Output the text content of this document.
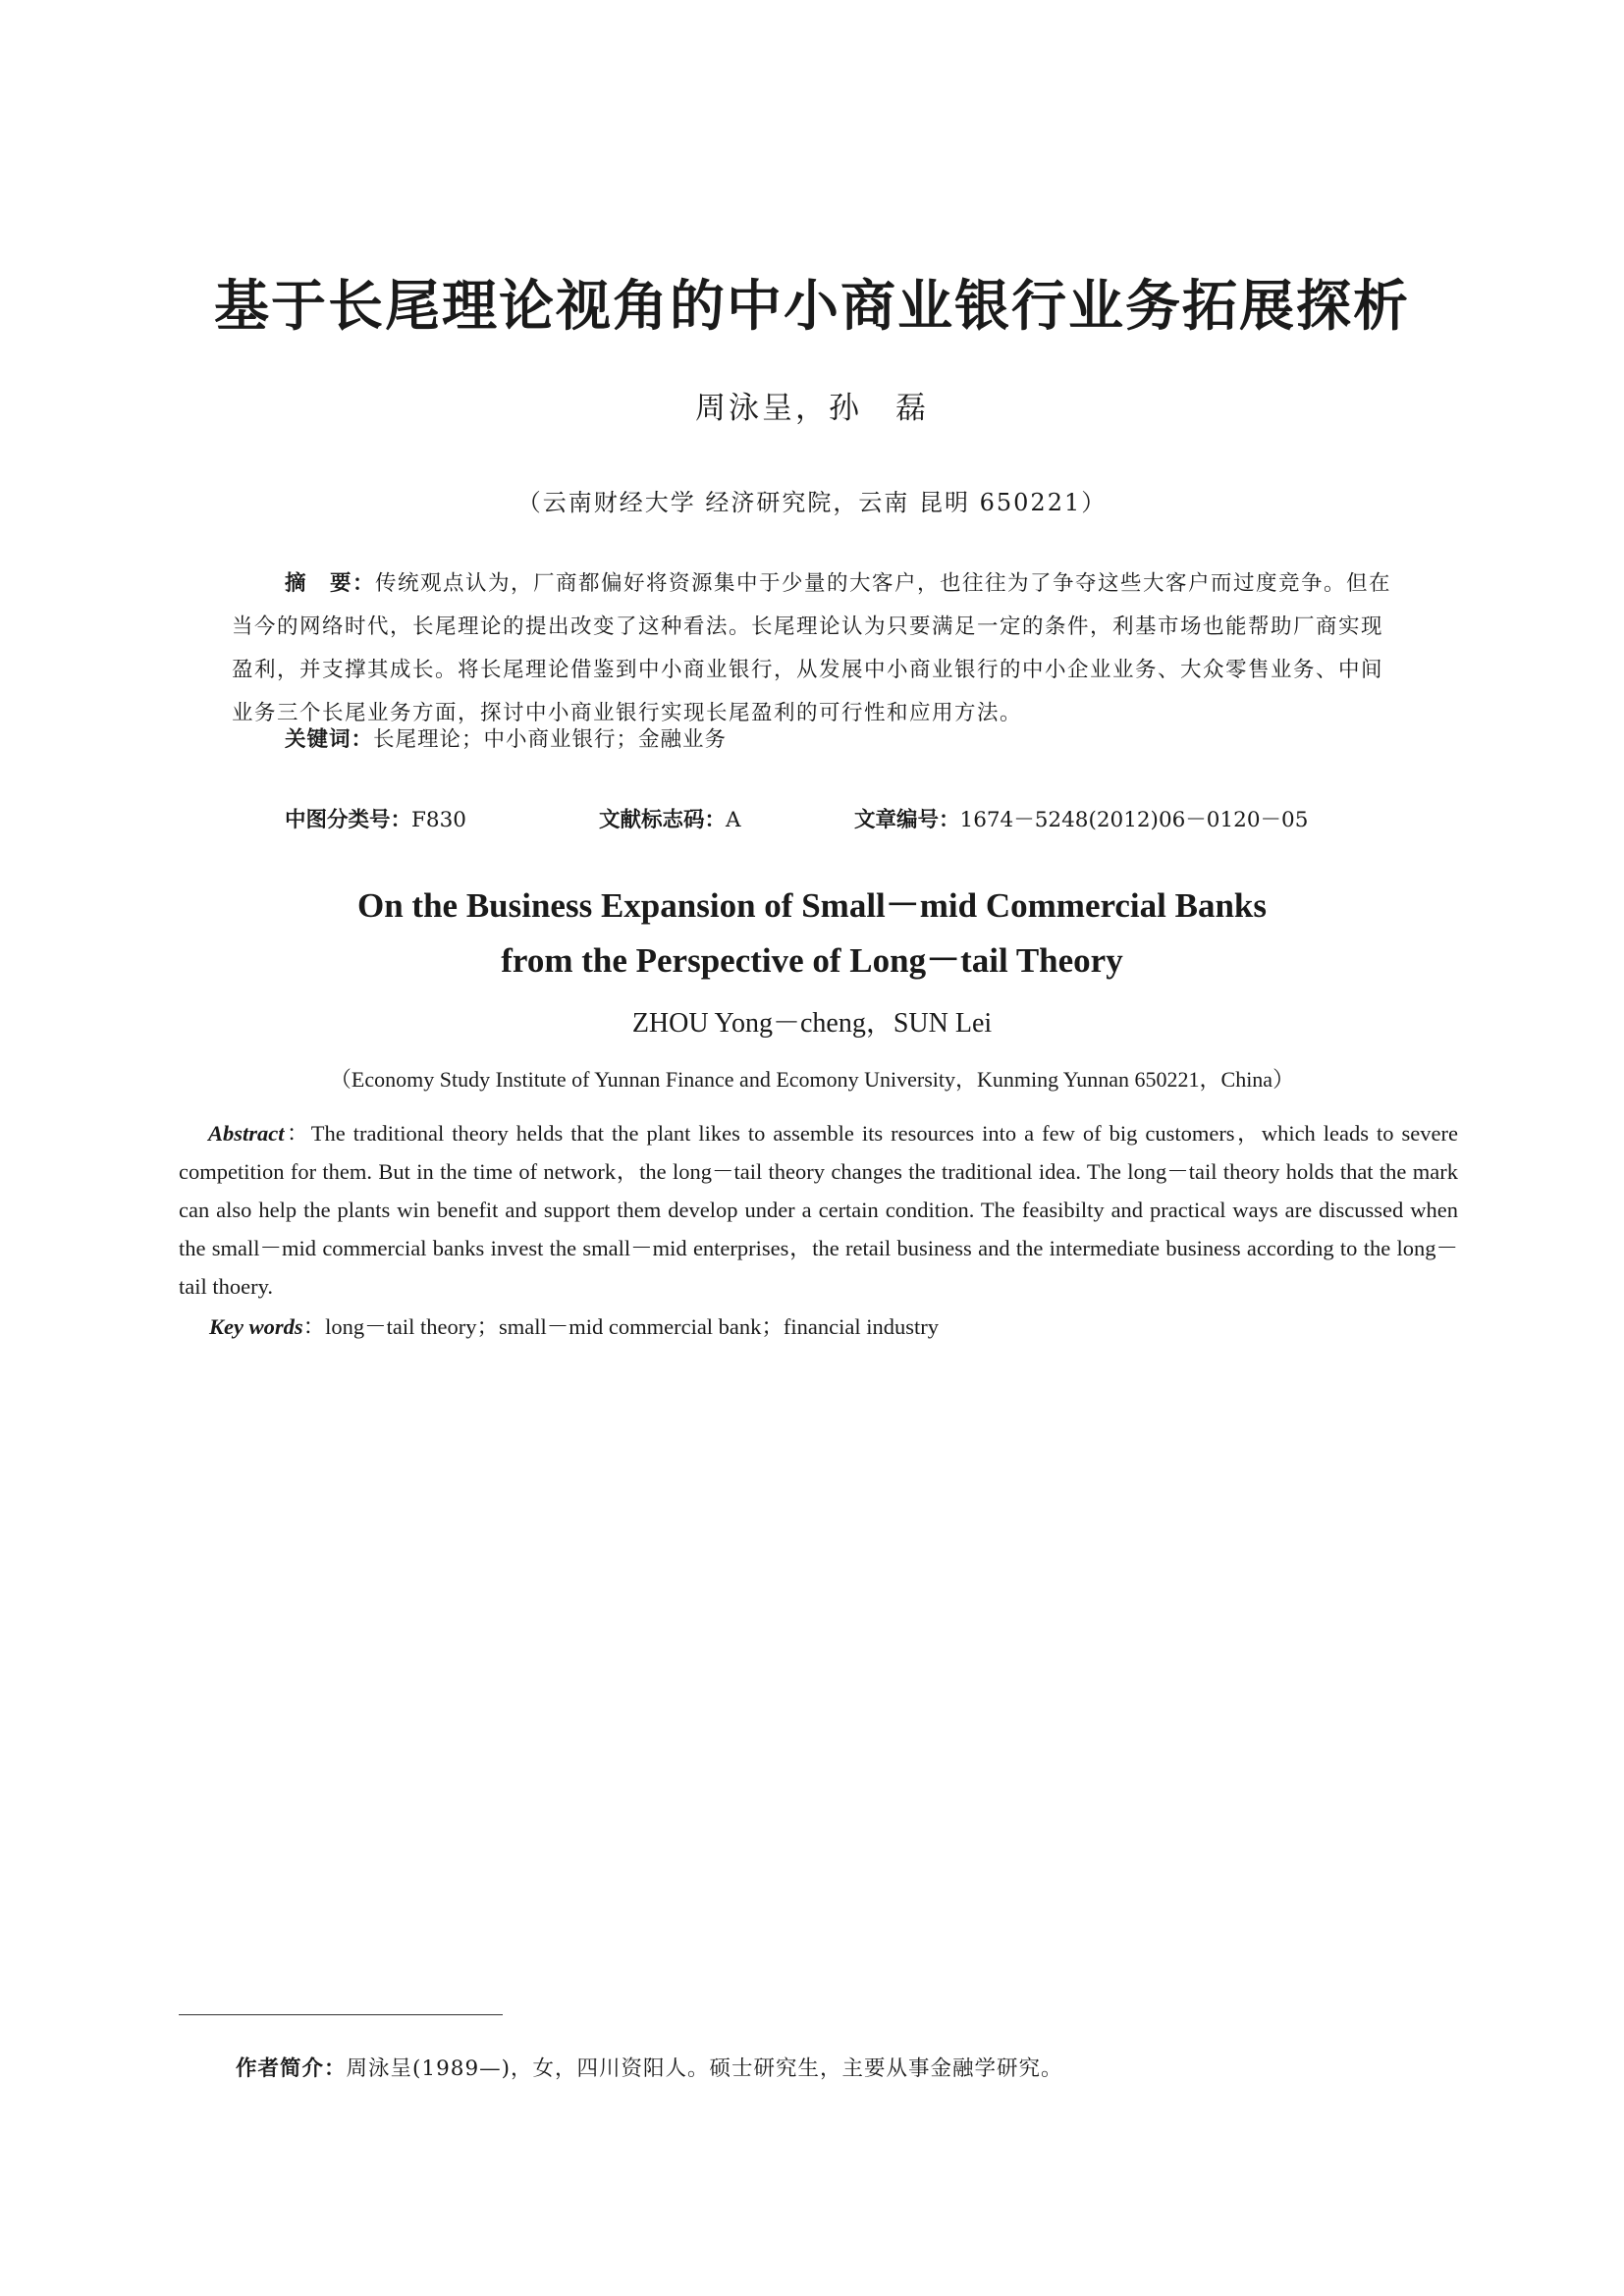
基于长尾理论视角的中小商业银行业务拓展探析
周泳呈，孙　磊
（云南财经大学 经济研究院，云南 昆明 650221）
摘　要：传统观点认为，厂商都偏好将资源集中于少量的大客户，也往往为了争夺这些大客户而过度竞争。但在当今的网络时代，长尾理论的提出改变了这种看法。长尾理论认为只要满足一定的条件，利基市场也能帮助厂商实现盈利，并支撑其成长。将长尾理论借鉴到中小商业银行，从发展中小商业银行的中小企业业务、大众零售业务、中间业务三个长尾业务方面，探讨中小商业银行实现长尾盈利的可行性和应用方法。
关键词：长尾理论；中小商业银行；金融业务
中图分类号：F830	文献标志码：A	文章编号：1674－5248(2012)06－0120－05
On the Business Expansion of Small－mid Commercial Banks
from the Perspective of Long－tail Theory
ZHOU Yong－cheng，SUN Lei
（Economy Study Institute of Yunnan Finance and Ecomony University，Kunming Yunnan 650221，China）
Abstract：The traditional theory helds that the plant likes to assemble its resources into a few of big customers，which leads to severe competition for them. But in the time of network，the long－tail theory changes the traditional idea. The long－tail theory holds that the mark can also help the plants win benefit and support them develop under a certain condition. The feasibilty and practical ways are discussed when the small－mid commercial banks invest the small－mid enterprises，the retail business and the intermediate business according to the long－tail thoery.
Key words：long－tail theory；small－mid commercial bank；financial industry
作者简介：周泳呈(1989—)，女，四川资阳人。硕士研究生，主要从事金融学研究。
